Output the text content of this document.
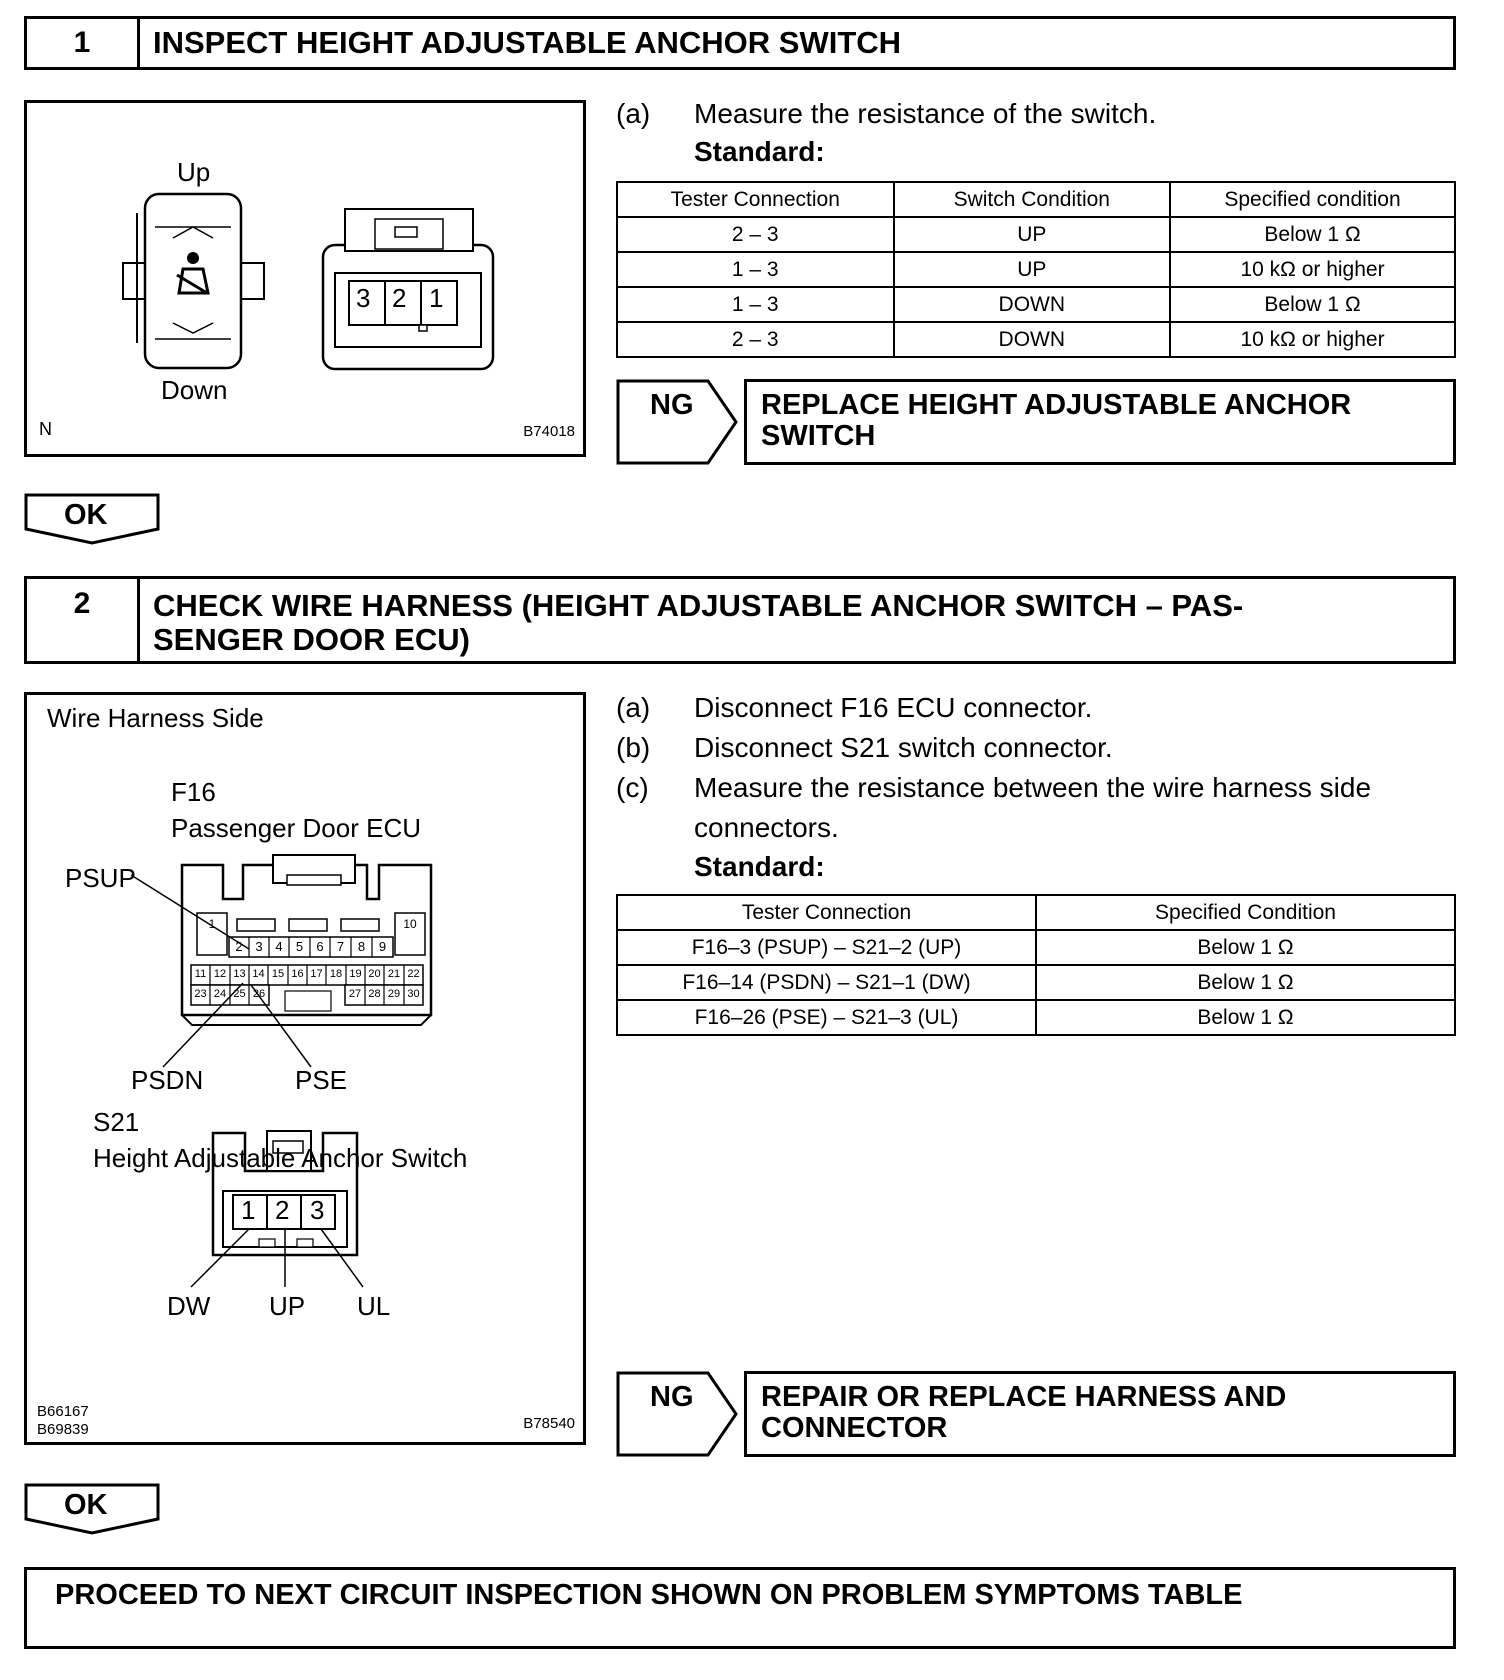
1	INSPECT HEIGHT ADJUSTABLE ANCHOR SWITCH
Up
Down
3 2 1
N	B74018
(a) Measure the resistance of the switch.
Standard:
Tester Connection	Switch Condition	Specified condition
2 – 3	UP	Below 1 Ω
1 – 3	UP	10 kΩ or higher
1 – 3	DOWN	Below 1 Ω
2 – 3	DOWN	10 kΩ or higher
NG REPLACE HEIGHT ADJUSTABLE ANCHOR
SWITCH
OK
2	CHECK WIRE HARNESS (HEIGHT ADJUSTABLE ANCHOR SWITCH – PAS-
SENGER DOOR ECU)
Wire Harness Side
F16
Passenger Door ECU
PSUP
PSDN	PSE
1	10
2 3 4	5	6	7	8	9
11 12 13 14 15 16 17 18 19 20 21 22
23 24 25 26	27 28 29 30
S21
Height Adjustable Anchor Switch
1 2 3
DW UP UL
B66167
B69839	B78540
(a) Disconnect F16 ECU connector.
(b) Disconnect S21 switch connector.
(c) Measure the resistance between the wire harness side
connectors.
Standard:
Tester Connection	Specified Condition
F16–3 (PSUP) – S21–2 (UP)	Below 1 Ω
F16–14 (PSDN) – S21–1 (DW)	Below 1 Ω
F16–26 (PSE) – S21–3 (UL)	Below 1 Ω
NG REPAIR OR REPLACE HARNESS AND
CONNECTOR
OK
PROCEED TO NEXT CIRCUIT INSPECTION SHOWN ON PROBLEM SYMPTOMS TABLE
